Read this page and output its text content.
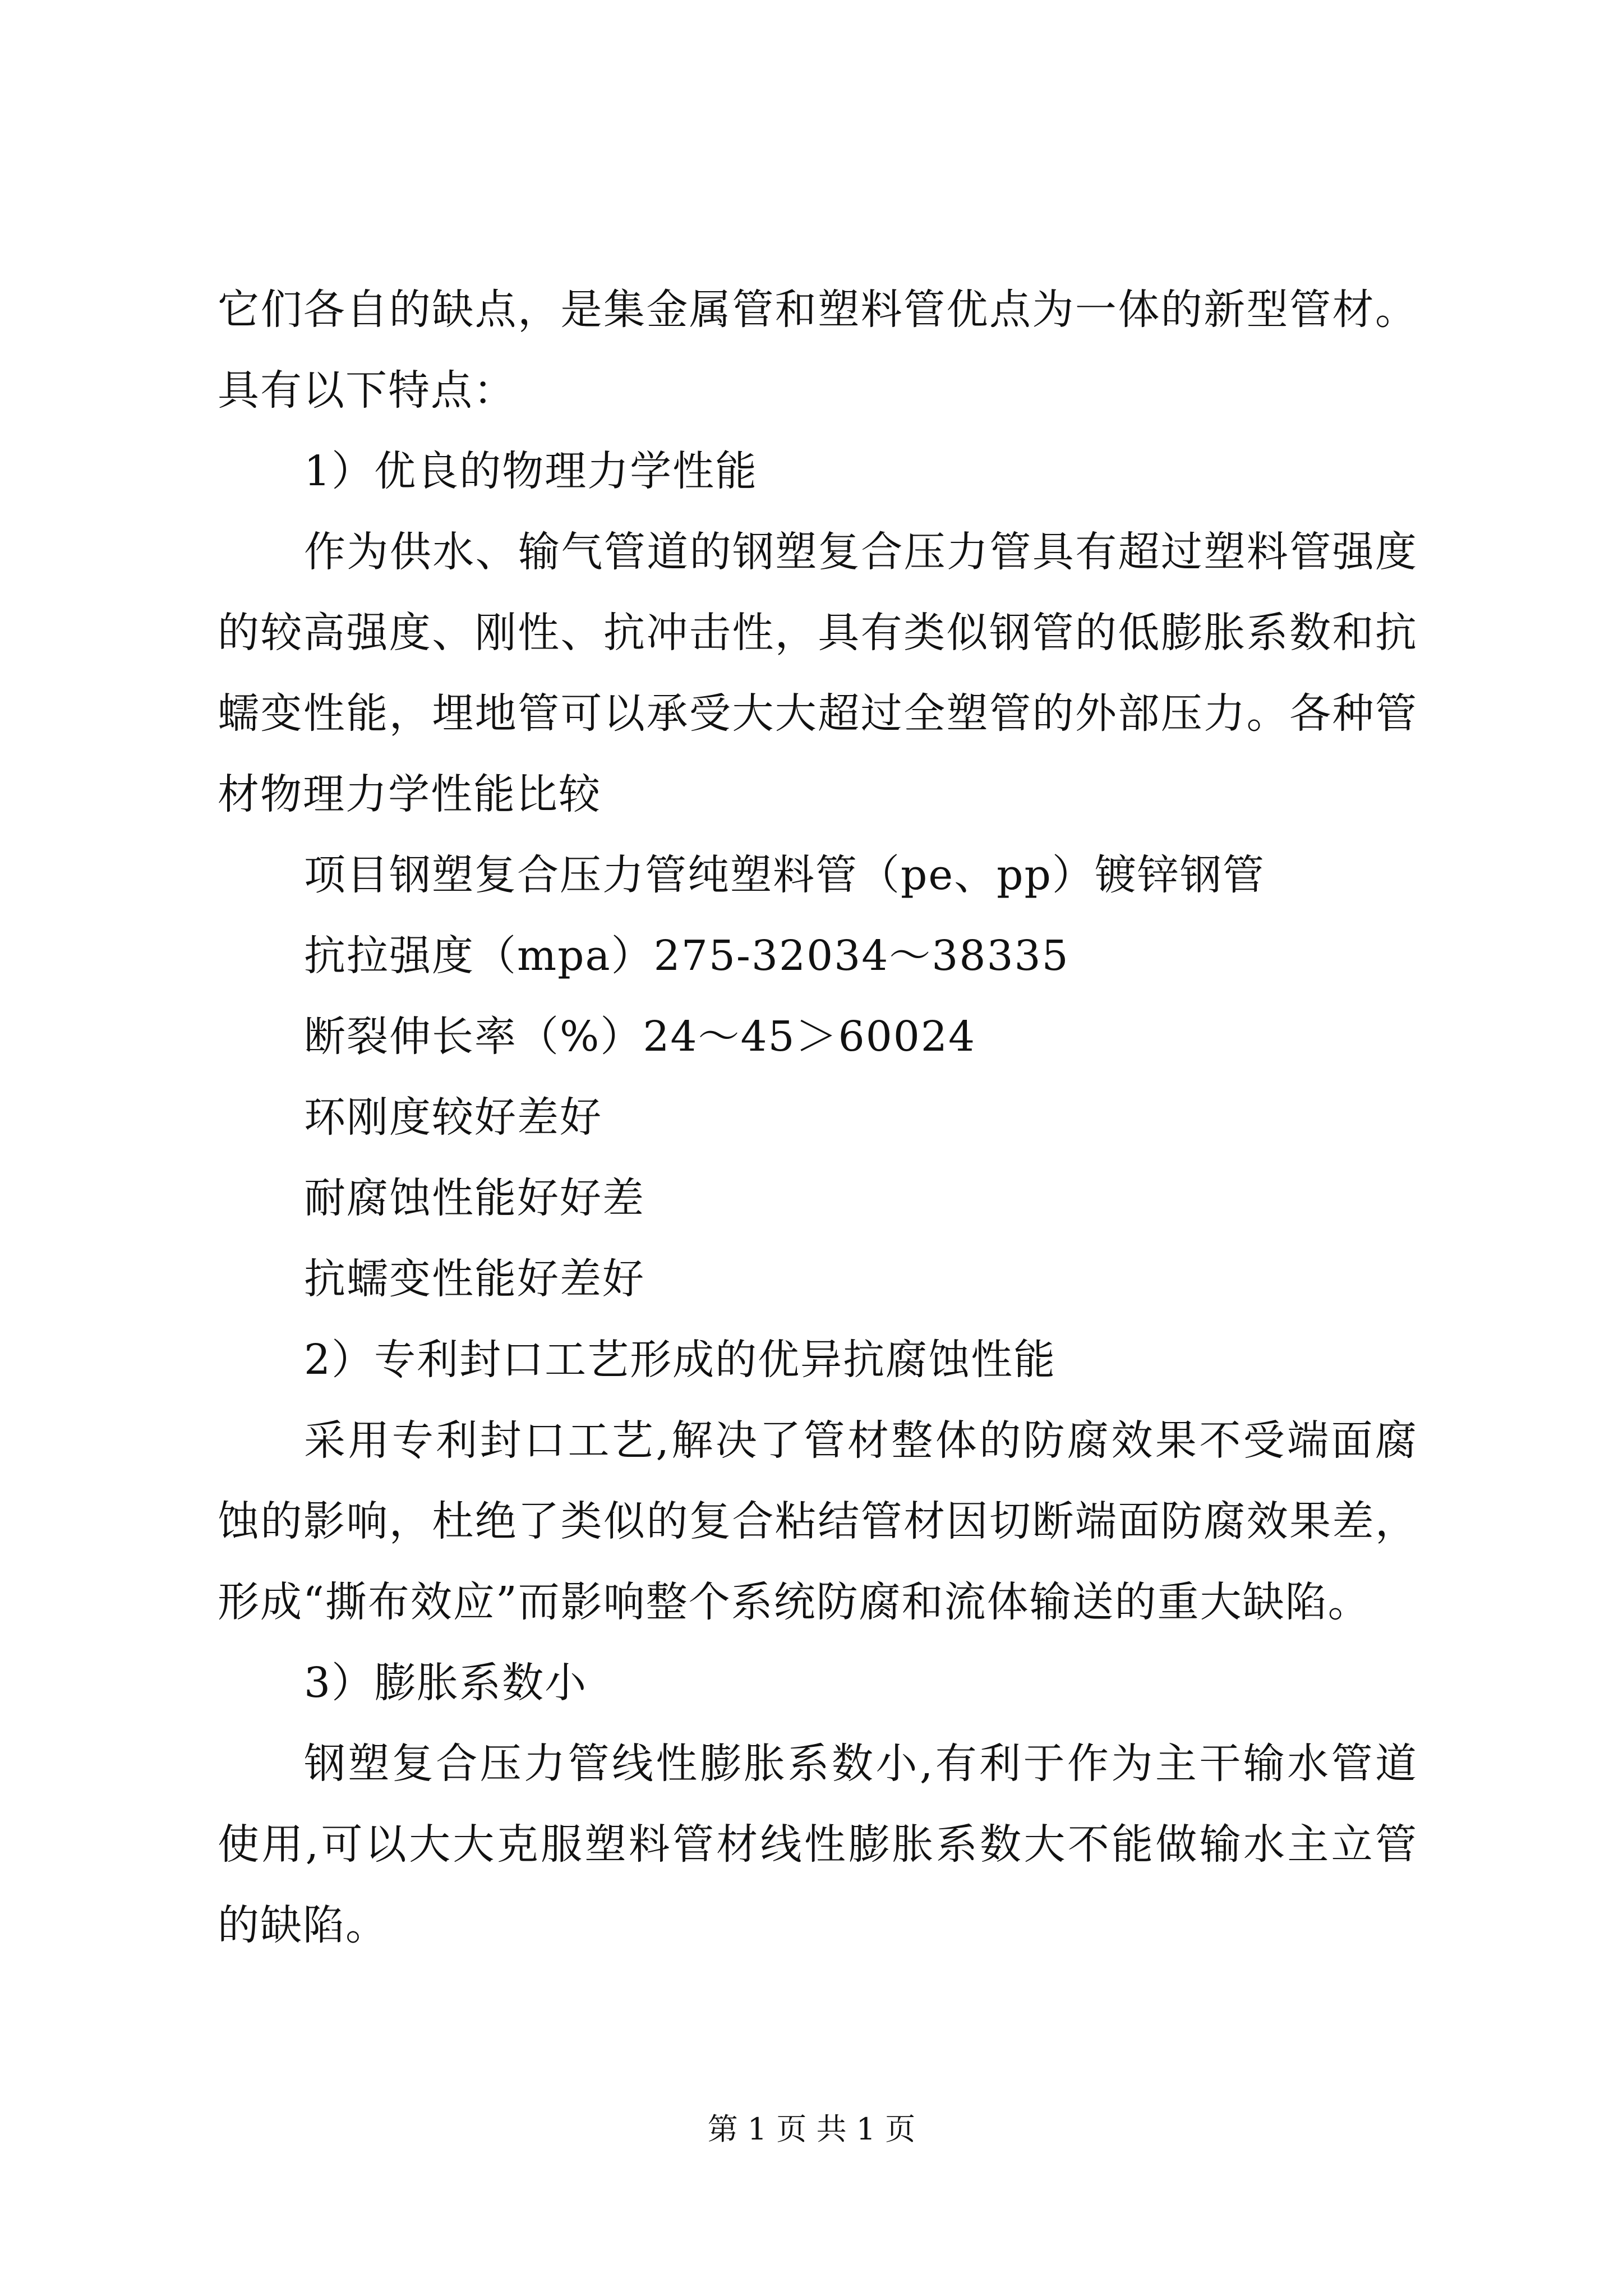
它们各自的缺点，是集金属管和塑料管优点为一体的新型管材。具有以下特点：

1）优良的物理力学性能

作为供水、输气管道的钢塑复合压力管具有超过塑料管强度的较高强度、刚性、抗冲击性，具有类似钢管的低膨胀系数和抗蠕变性能，埋地管可以承受大大超过全塑管的外部压力。各种管材物理力学性能比较

项目钢塑复合压力管纯塑料管（pe、pp）镀锌钢管

抗拉强度（mpa）275-32034～38335

断裂伸长率（%）24～45＞60024

环刚度较好差好

耐腐蚀性能好好差

抗蠕变性能好差好

2）专利封口工艺形成的优异抗腐蚀性能

采用专利封口工艺,解决了管材整体的防腐效果不受端面腐蚀的影响，杜绝了类似的复合粘结管材因切断端面防腐效果差，形成“撕布效应”而影响整个系统防腐和流体输送的重大缺陷。

3）膨胀系数小

钢塑复合压力管线性膨胀系数小,有利于作为主干输水管道使用,可以大大克服塑料管材线性膨胀系数大不能做输水主立管的缺陷。

第 1 页 共 1 页
